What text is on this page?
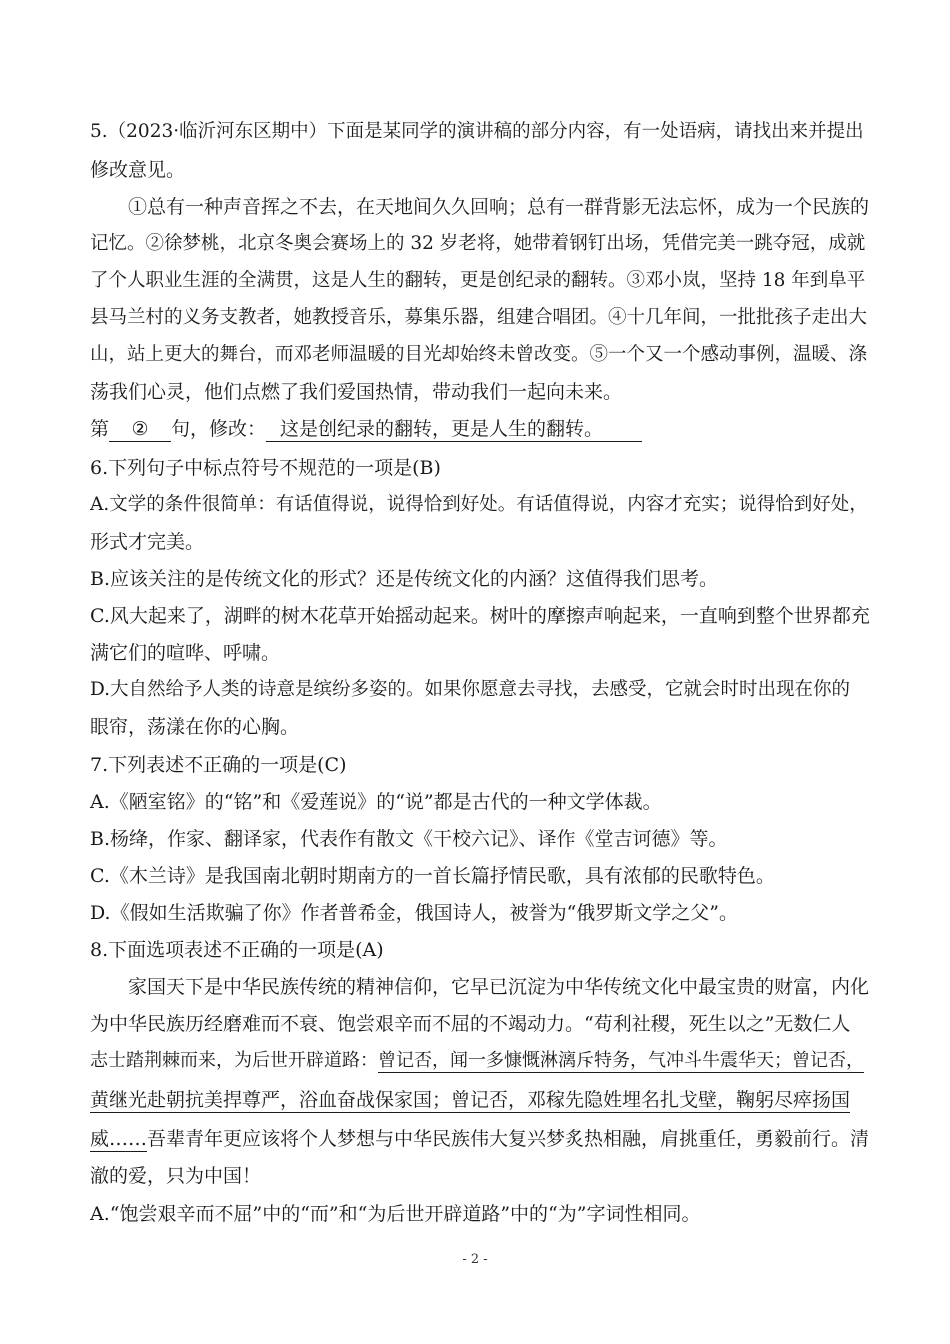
5.（2023·临沂河东区期中）下面是某同学的演讲稿的部分内容，有一处语病，请找出来并提出
修改意见。
①总有一种声音挥之不去，在天地间久久回响；总有一群背影无法忘怀，成为一个民族的
记忆。②徐梦桃，北京冬奥会赛场上的 32 岁老将，她带着钢钉出场，凭借完美一跳夺冠，成就
了个人职业生涯的全满贯，这是人生的翻转，更是创纪录的翻转。③邓小岚，坚持 18 年到阜平
县马兰村的义务支教者，她教授音乐，募集乐器，组建合唱团。④十几年间，一批批孩子走出大
山，站上更大的舞台，而邓老师温暖的目光却始终未曾改变。⑤一个又一个感动事例，温暖、涤
荡我们心灵，他们点燃了我们爱国热情，带动我们一起向未来。
第 ② 句，修改： 这是创纪录的翻转，更是人生的翻转。
6.下列句子中标点符号不规范的一项是(B)
A.文学的条件很简单：有话值得说，说得恰到好处。有话值得说，内容才充实；说得恰到好处，
形式才完美。
B.应该关注的是传统文化的形式？还是传统文化的内涵？这值得我们思考。
C.风大起来了，湖畔的树木花草开始摇动起来。树叶的摩擦声响起来，一直响到整个世界都充
满它们的喧哗、呼啸。
D.大自然给予人类的诗意是缤纷多姿的。如果你愿意去寻找，去感受，它就会时时出现在你的
眼帘，荡漾在你的心胸。
7.下列表述不正确的一项是(C)
A.《陋室铭》的“铭”和《爱莲说》的“说”都是古代的一种文学体裁。
B.杨绛，作家、翻译家，代表作有散文《干校六记》、译作《堂吉诃德》等。
C.《木兰诗》是我国南北朝时期南方的一首长篇抒情民歌，具有浓郁的民歌特色。
D.《假如生活欺骗了你》作者普希金，俄国诗人，被誉为“俄罗斯文学之父”。
8.下面选项表述不正确的一项是(A)
家国天下是中华民族传统的精神信仰，它早已沉淀为中华传统文化中最宝贵的财富，内化
为中华民族历经磨难而不衰、饱尝艰辛而不屈的不竭动力。“苟利社稷，死生以之”无数仁人
志士踏荆棘而来，为后世开辟道路：曾记否，闻一多慷慨淋漓斥特务，气冲斗牛震华天；曾记否，
黄继光赴朝抗美捍尊严，浴血奋战保家国；曾记否，邓稼先隐姓埋名扎戈壁，鞠躬尽瘁扬国
威……吾辈青年更应该将个人梦想与中华民族伟大复兴梦炙热相融，肩挑重任，勇毅前行。清
澈的爱，只为中国！
A.“饱尝艰辛而不屈”中的“而”和“为后世开辟道路”中的“为”字词性相同。
- 2 -
